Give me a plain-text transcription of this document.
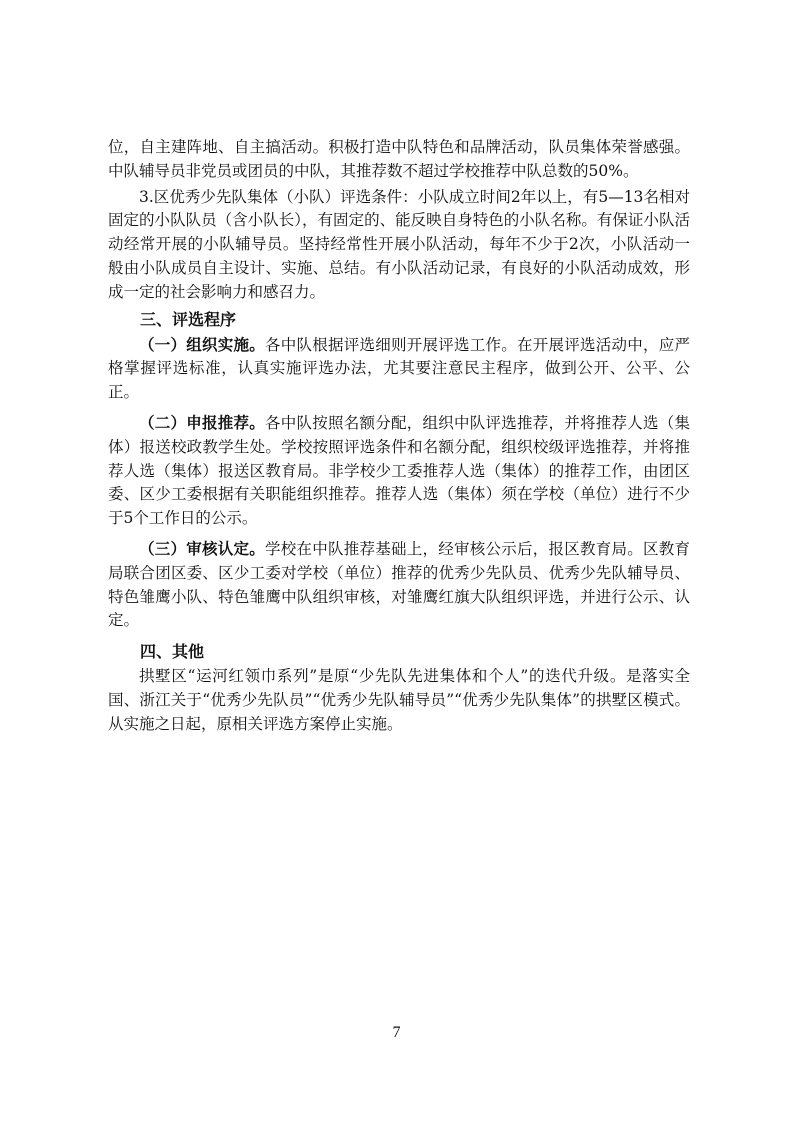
位，自主建阵地、自主搞活动。积极打造中队特色和品牌活动，队员集体荣誉感强。中队辅导员非党员或团员的中队，其推荐数不超过学校推荐中队总数的50%。

3.区优秀少先队集体（小队）评选条件：小队成立时间2年以上，有5—13名相对固定的小队队员（含小队长），有固定的、能反映自身特色的小队名称。有保证小队活动经常开展的小队辅导员。坚持经常性开展小队活动，每年不少于2次，小队活动一般由小队成员自主设计、实施、总结。有小队活动记录，有良好的小队活动成效，形成一定的社会影响力和感召力。

三、评选程序

（一）组织实施。各中队根据评选细则开展评选工作。在开展评选活动中，应严格掌握评选标准，认真实施评选办法，尤其要注意民主程序，做到公开、公平、公正。

（二）申报推荐。各中队按照名额分配，组织中队评选推荐，并将推荐人选（集体）报送校政教学生处。学校按照评选条件和名额分配，组织校级评选推荐，并将推荐人选（集体）报送区教育局。非学校少工委推荐人选（集体）的推荐工作，由团区委、区少工委根据有关职能组织推荐。推荐人选（集体）须在学校（单位）进行不少于5个工作日的公示。

（三）审核认定。学校在中队推荐基础上，经审核公示后，报区教育局。区教育局联合团区委、区少工委对学校（单位）推荐的优秀少先队员、优秀少先队辅导员、特色雏鹰小队、特色雏鹰中队组织审核，对雏鹰红旗大队组织评选，并进行公示、认定。

四、其他

拱墅区“运河红领巾系列”是原“少先队先进集体和个人”的迭代升级。是落实全国、浙江关于“优秀少先队员”“优秀少先队辅导员”“优秀少先队集体”的拱墅区模式。从实施之日起，原相关评选方案停止实施。

7
